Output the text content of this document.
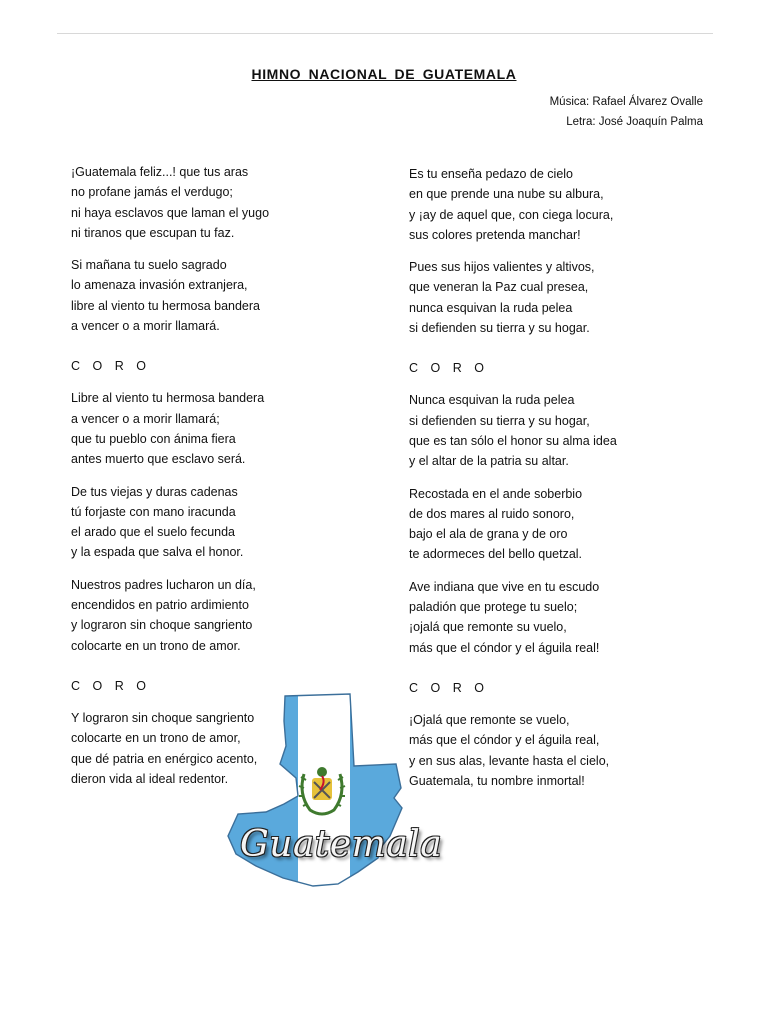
HIMNO NACIONAL DE GUATEMALA
Música: Rafael Álvarez Ovalle
Letra: José Joaquín Palma
¡Guatemala feliz...! que tus aras
no profane jamás el verdugo;
ni haya esclavos que laman el yugo
ni tiranos que escupan tu faz.
Si mañana tu suelo sagrado
lo amenaza invasión extranjera,
libre al viento tu hermosa bandera
a vencer o a morir llamará.
C O R O
Libre al viento tu hermosa bandera
a vencer o a morir llamará;
que tu pueblo con ánima fiera
antes muerto que esclavo será.
De tus viejas y duras cadenas
tú forjaste con mano iracunda
el arado que el suelo fecunda
y la espada que salva el honor.
Nuestros padres lucharon un día,
encendidos en patrio ardimiento
y lograron sin choque sangriento
colocarte en un trono de amor.
C O R O
Y lograron sin choque sangriento
colocarte en un trono de amor,
que dé patria en enérgico acento,
dieron vida al ideal redentor.
Es tu enseña pedazo de cielo
en que prende una nube su albura,
y ¡ay de aquel que, con ciega locura,
sus colores pretenda manchar!
Pues sus hijos valientes y altivos,
que veneran la Paz cual presea,
nunca esquivan la ruda pelea
si defienden su tierra y su hogar.
C O R O
Nunca esquivan la ruda pelea
si defienden su tierra y su hogar,
que es tan sólo el honor su alma idea
y el altar de la patria su altar.
Recostada en el ande soberbio
de dos mares al ruido sonoro,
bajo el ala de grana y de oro
te adormeces del bello quetzal.
Ave indiana que vive en tu escudo
paladión que protege tu suelo;
¡ojalá que remonte su vuelo,
más que el cóndor y el águila real!
C O R O
¡Ojalá que remonte se vuelo,
más que el cóndor y el águila real,
y en sus alas, levante hasta el cielo,
Guatemala, tu nombre inmortal!
Guatemala
